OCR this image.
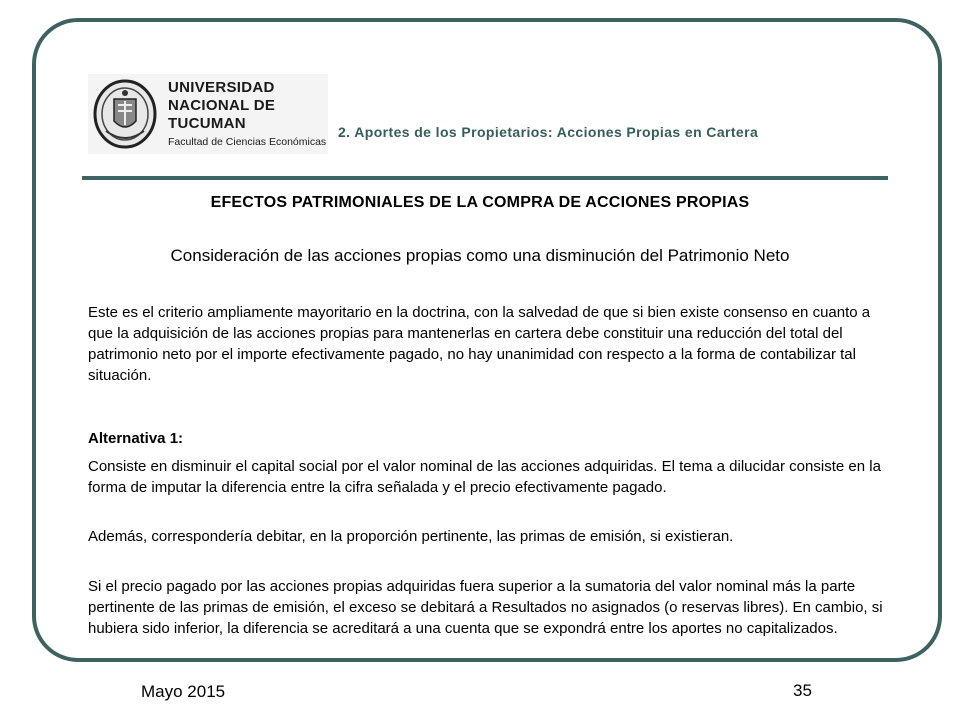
UNIVERSIDAD
NACIONAL DE
TUCUMAN
Facultad de Ciencias Económicas
2. Aportes de los Propietarios: Acciones Propias en Cartera
EFECTOS PATRIMONIALES DE LA COMPRA DE ACCIONES PROPIAS
Consideración de las acciones propias como una disminución del Patrimonio Neto
Este es el criterio ampliamente mayoritario en la doctrina, con la salvedad de que si bien existe consenso en cuanto a que la adquisición de las acciones propias para mantenerlas en cartera debe constituir una reducción del total del patrimonio neto por el importe efectivamente pagado, no hay unanimidad con respecto a la forma de contabilizar tal situación.
Alternativa 1:
Consiste en disminuir el capital social por el valor nominal de las acciones adquiridas. El tema a dilucidar consiste en la forma de imputar la diferencia entre la cifra señalada y el precio efectivamente pagado.
Además, correspondería debitar, en la proporción pertinente, las primas de emisión, si existieran.
Si el precio pagado por las acciones propias adquiridas fuera superior a la sumatoria del valor nominal más la parte pertinente de las primas de emisión, el exceso se debitará a Resultados no asignados (o reservas libres). En cambio, si hubiera sido inferior, la diferencia se acreditará a una cuenta que se expondrá entre los aportes no capitalizados.
Mayo 2015	35
